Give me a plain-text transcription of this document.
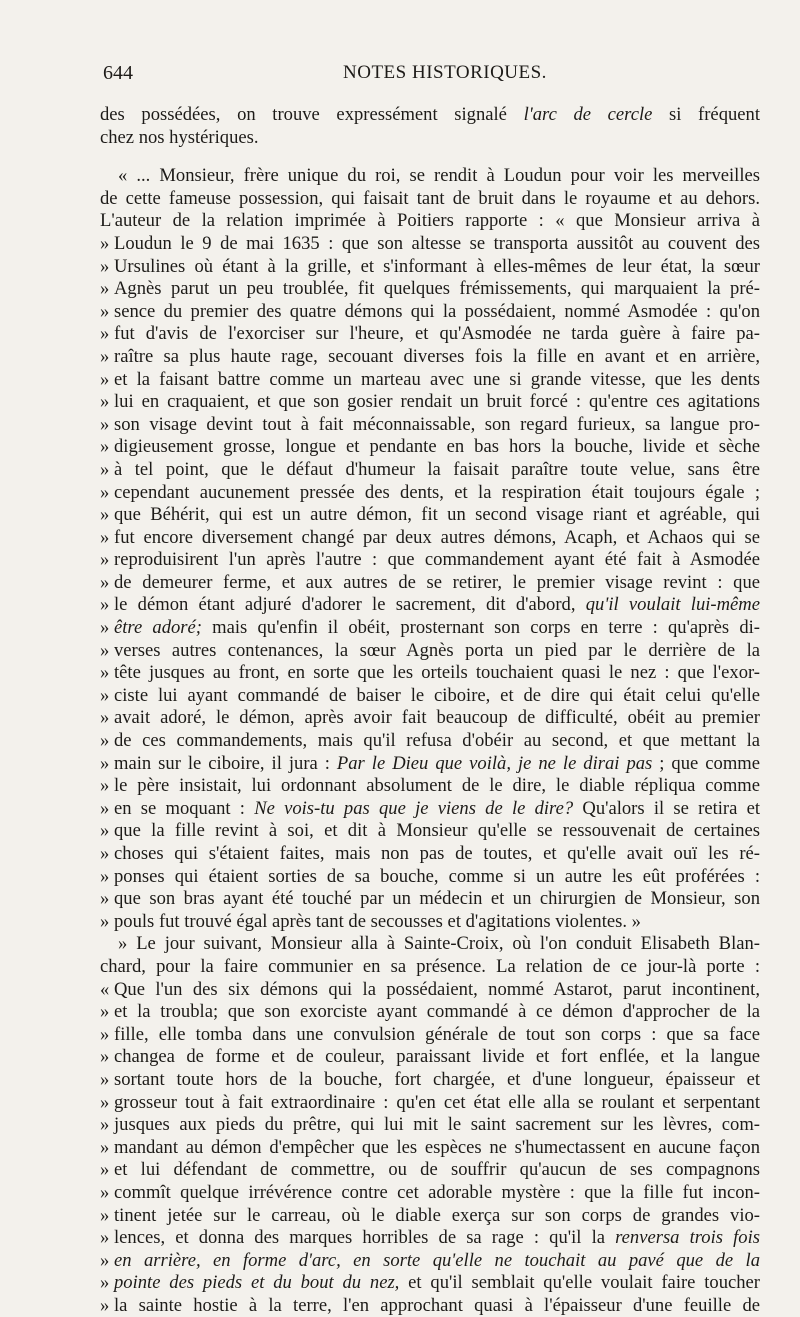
644	NOTES HISTORIQUES.
des possédées, on trouve expressément signalé l'arc de cercle si fréquent
chez nos hystériques.
« ... Monsieur, frère unique du roi, se rendit à Loudun pour voir les merveilles
de cette fameuse possession, qui faisait tant de bruit dans le royaume et au dehors.
L'auteur de la relation imprimée à Poitiers rapporte : « que Monsieur arriva à
» Loudun le 9 de mai 1635 : que son altesse se transporta aussitôt au couvent des
» Ursulines où étant à la grille, et s'informant à elles-mêmes de leur état, la sœur
» Agnès parut un peu troublée, fit quelques frémissements, qui marquaient la pré-
» sence du premier des quatre démons qui la possédaient, nommé Asmodée : qu'on
» fut d'avis de l'exorciser sur l'heure, et qu'Asmodée ne tarda guère à faire pa-
» raître sa plus haute rage, secouant diverses fois la fille en avant et en arrière,
» et la faisant battre comme un marteau avec une si grande vitesse, que les dents
» lui en craquaient, et que son gosier rendait un bruit forcé : qu'entre ces agitations
» son visage devint tout à fait méconnaissable, son regard furieux, sa langue pro-
» digieusement grosse, longue et pendante en bas hors la bouche, livide et sèche
» à tel point, que le défaut d'humeur la faisait paraître toute velue, sans être
» cependant aucunement pressée des dents, et la respiration était toujours égale ;
» que Béhérit, qui est un autre démon, fit un second visage riant et agréable, qui
» fut encore diversement changé par deux autres démons, Acaph, et Achaos qui se
» reproduisirent l'un après l'autre : que commandement ayant été fait à Asmodée
» de demeurer ferme, et aux autres de se retirer, le premier visage revint : que
» le démon étant adjuré d'adorer le sacrement, dit d'abord, qu'il voulait lui-même
» être adoré; mais qu'enfin il obéit, prosternant son corps en terre : qu'après di-
» verses autres contenances, la sœur Agnès porta un pied par le derrière de la
» tête jusques au front, en sorte que les orteils touchaient quasi le nez : que l'exor-
» ciste lui ayant commandé de baiser le ciboire, et de dire qui était celui qu'elle
» avait adoré, le démon, après avoir fait beaucoup de difficulté, obéit au premier
» de ces commandements, mais qu'il refusa d'obéir au second, et que mettant la
» main sur le ciboire, il jura : Par le Dieu que voilà, je ne le dirai pas ; que comme
» le père insistait, lui ordonnant absolument de le dire, le diable répliqua comme
» en se moquant : Ne vois-tu pas que je viens de le dire? Qu'alors il se retira et
» que la fille revint à soi, et dit à Monsieur qu'elle se ressouvenait de certaines
» choses qui s'étaient faites, mais non pas de toutes, et qu'elle avait ouï les ré-
» ponses qui étaient sorties de sa bouche, comme si un autre les eût proférées :
» que son bras ayant été touché par un médecin et un chirurgien de Monsieur, son
» pouls fut trouvé égal après tant de secousses et d'agitations violentes. »
» Le jour suivant, Monsieur alla à Sainte-Croix, où l'on conduit Elisabeth Blan-
chard, pour la faire communier en sa présence. La relation de ce jour-là porte :
« Que l'un des six démons qui la possédaient, nommé Astarot, parut incontinent,
» et la troubla; que son exorciste ayant commandé à ce démon d'approcher de la
» fille, elle tomba dans une convulsion générale de tout son corps : que sa face
» changea de forme et de couleur, paraissant livide et fort enflée, et la langue
» sortant toute hors de la bouche, fort chargée, et d'une longueur, épaisseur et
» grosseur tout à fait extraordinaire : qu'en cet état elle alla se roulant et serpentant
» jusques aux pieds du prêtre, qui lui mit le saint sacrement sur les lèvres, com-
» mandant au démon d'empêcher que les espèces ne s'humectassent en aucune façon
» et lui défendant de commettre, ou de souffrir qu'aucun de ses compagnons
» commît quelque irrévérence contre cet adorable mystère : que la fille fut incon-
» tinent jetée sur le carreau, où le diable exerça sur son corps de grandes vio-
» lences, et donna des marques horribles de sa rage : qu'il la renversa trois fois
» en arrière, en forme d'arc, en sorte qu'elle ne touchait au pavé que de la
» pointe des pieds et du bout du nez, et qu'il semblait qu'elle voulait faire toucher
» la sainte hostie à la terre, l'en approchant quasi à l'épaisseur d'une feuille de
